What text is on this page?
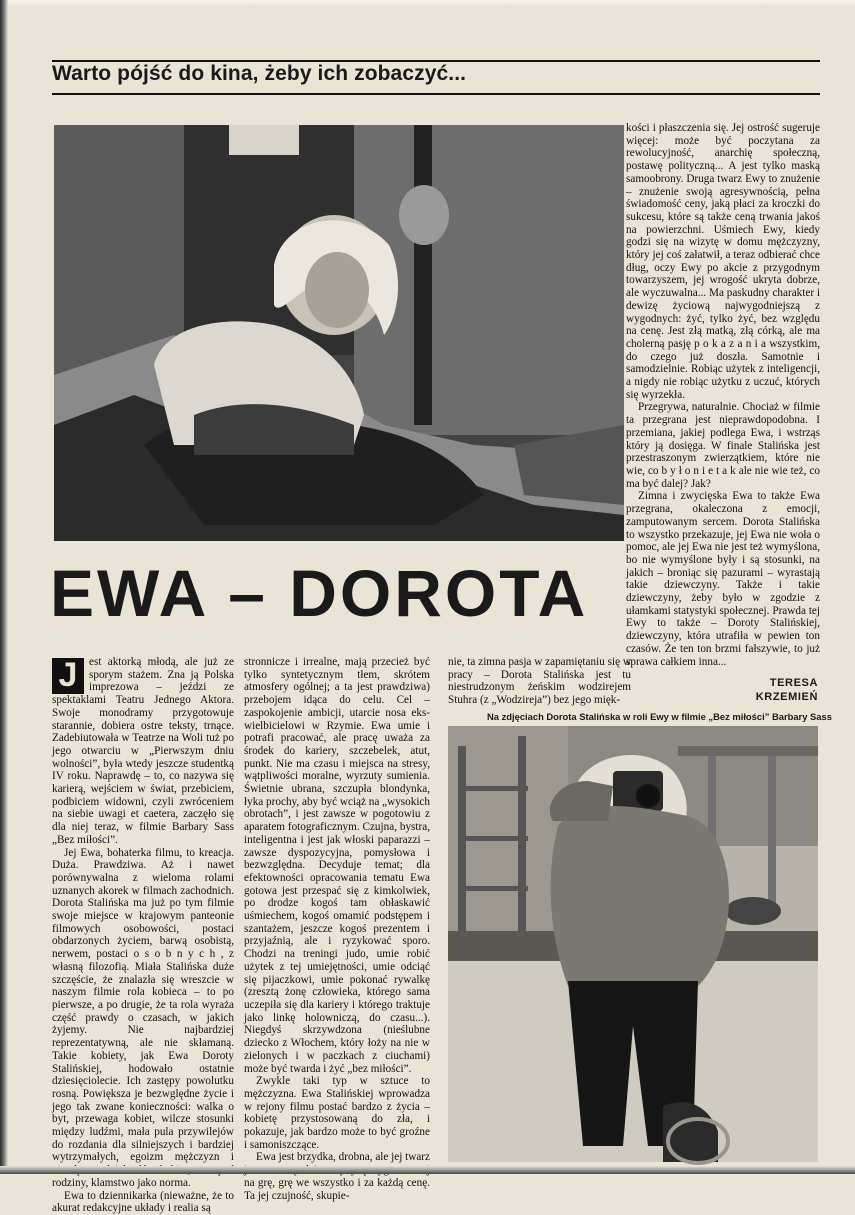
Warto pójść do kina, żeby ich zobaczyć...

kości i płaszczenia się. Jej ostrość sugeruje więcej: może być poczytana za rewolucyjność, anarchię społeczną, postawę polityczną... A jest tylko maską samoobrony. Druga twarz Ewy to znużenie – znużenie swoją agresywnością, pełna świadomość ceny, jaką płaci za kroczki do sukcesu, które są także ceną trwania jakoś na powierzchni. Uśmiech Ewy, kiedy godzi się na wizytę w domu mężczyzny, który jej coś załatwił, a teraz odbierać chce dług, oczy Ewy po akcie z przygodnym towarzyszem, jej wrogość ukryta dobrze, ale wyczuwalna... Ma paskudny charakter i dewizę życiową najwygodniejszą z wygodnych: żyć, tylko żyć, bez względu na cenę. Jest złą matką, złą córką, ale ma cholerną pasję p o k a z a n i a wszystkim, do czego już doszła. Samotnie i samodzielnie. Robiąc użytek z inteligencji, a nigdy nie robiąc użytku z uczuć, których się wyrzekła.

Przegrywa, naturalnie. Chociaż w filmie ta przegrana jest nieprawdopodobna. I przemiana, jakiej podlega Ewa, i wstrząs który ją dosięga. W finale Stalińska jest przestraszonym zwierzątkiem, które nie wie, co b y ł o n i e t a k ale nie wie też, co ma być dalej? Jak?

Zimna i zwycięska Ewa to także Ewa przegrana, okaleczona z emocji, zamputowanym sercem. Dorota Stalińska to wszystko przekazuje, jej Ewa nie woła o pomoc, ale jej Ewa nie jest też wymyślona, bo nie wymyślone były i są stosunki, na jakich – broniąc się pazurami – wyrastają takie dziewczyny. Także i takie dziewczyny, żeby było w zgodzie z ułamkami statystyki społecznej. Prawda tej Ewy to także – Doroty Stalińskiej, dziewczyny, która utrafiła w pewien ton czasów. Że ten ton brzmi fałszywie, to już sprawa całkiem inna...

EWA – DOROTA

J	est aktorką młodą, ale już ze sporym stażem. Zna ją Polska imprezowa – jeździ ze spektaklami Teatru Jednego Aktora. Swoje monodramy przygotowuje starannie, dobiera ostre teksty, trnące. Zadebiutowała w Teatrze na Woli tuż po jego otwarciu w „Pierwszym dniu wolności”, była wtedy jeszcze studentką IV roku. Naprawdę – to, co nazywa się karierą, wejściem w świat, przebiciem, podbiciem widowni, czyli zwróceniem na siebie uwagi et caetera, zaczęło się dla niej teraz, w filmie Barbary Sass „Bez miłości”.

Jej Ewa, bohaterka filmu, to kreacja. Duża. Prawdziwa. Aż i nawet porównywalna z wieloma rolami uznanych akorek w filmach zachodnich. Dorota Stalińska ma już po tym filmie swoje miejsce w krajowym panteonie filmowych osobowości, postaci obdarzonych życiem, barwą osobistą, nerwem, postaci o s o b n y c h , z własną filozofią. Miała Stalińska duże szczęście, że znalazła się wreszcie w naszym filmie rola kobieca – to po pierwsze, a po drugie, że ta rola wyraża część prawdy o czasach, w jakich żyjemy. Nie najbardziej reprezentatywną, ale nie skłamaną. Takie kobiety, jak Ewa Doroty Stalińskiej, hodowało ostatnie dziesięciolecie. Ich zastępy powolutku rosną. Powiększa je bezwględne życie i jego tak zwane konieczności: walka o byt, przewaga kobiet, wilcze stosunki między ludźmi, mała pula przywilejów do rozdania dla silniejszych i bardziej wytrzymałych, egoizm mężczyzn i rodziny, klamstwo jako norma.

Ewa to dziennikarka (nieważne, że to akurat redakcyjne układy i realia są

stronnicze i irrealne, mają przecież być tylko syntetycznym tłem, skrótem atmosfery ogólnej; a ta jest prawdziwa) przebojem idąca do celu. Cel – zaspokojenie ambicji, utarcie nosa eks-wielbicielowi w Rzymie. Ewa umie i potrafi pracować, ale pracę uważa za środek do kariery, szczebelek, atut, punkt. Nie ma czasu i miejsca na stresy, wątpliwości moralne, wyrzuty sumienia. Świetnie ubrana, szczupła blondynka, łyka prochy, aby być wciąż na „wysokich obrotach”, i jest zawsze w pogotowiu z aparatem fotograficznym. Czujna, bystra, inteligentna i jest jak włoski paparazzi – zawsze dyspozycyjna, pomysłowa i bezwzględna. Decyduje temat; dla efektowności opracowania tematu Ewa gotowa jest przespać się z kimkolwiek, po drodze kogoś tam obłaskawić uśmiechem, kogoś omamić podstępem i szantażem, jeszcze kogoś prezentem i przyjaźnią, ale i ryzykować sporo. Chodzi na treningi judo, umie robić użytek z tej umiejętności, umie odciąć się pijaczkowi, umie pokonać rywalkę (zresztą żonę człowieka, którego sama uczepiła się dla kariery i którego traktuje jako linkę holowniczą, do czasu...). Niegdyś skrzywdzona (nieślubne dziecko z Włochem, który łoży na nie w zielonych i w paczkach z ciuchami) może być twarda i żyć „bez miłości”.

Zwykle taki typ w sztuce to mężczyzna. Ewa Stalińskiej wprowadza w rejony filmu postać bardzo z życia – kobietę przystosowaną do zła, i pokazuje, jak bardzo może to być groźne i samoniszczące.

Ewa jest brzydka, drobna, ale jej twarz na grę, grę we wszystko i za każdą cenę. Ta jej czujność, skupie-

nie, ta zimna pasja w zapamiętaniu się w pracy – Dorota Stalińska jest tu niestrudzonym żeńskim wodzirejem Stuhra (z „Wodzireja”) bez jego mięk-

TERESA
KRZEMIEŃ
Na zdjęciach Dorota Stalińska w roli Ewy w filmie „Bez miłości” Barbary Sass
